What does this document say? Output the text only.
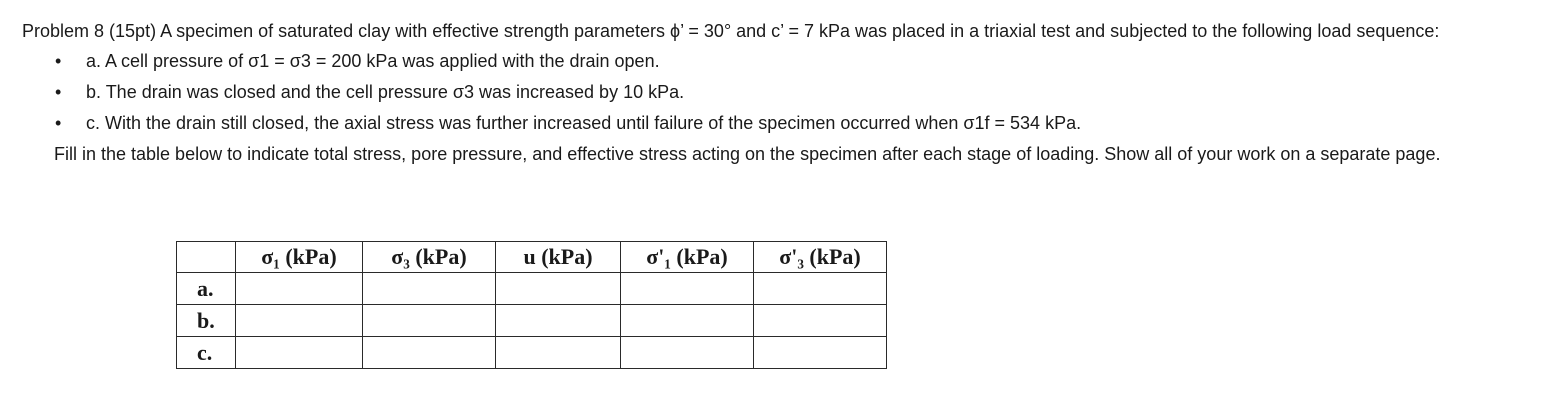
Problem 8 (15pt) A specimen of saturated clay with effective strength parameters ϕ’ = 30° and c’ = 7 kPa was placed in a triaxial test and subjected to the following load sequence:

• a. A cell pressure of σ1 = σ3 = 200 kPa was applied with the drain open.
• b. The drain was closed and the cell pressure σ3 was increased by 10 kPa.
• c. With the drain still closed, the axial stress was further increased until failure of the specimen occurred when σ1f = 534 kPa.

Fill in the table below to indicate total stress, pore pressure, and effective stress acting on the specimen after each stage of loading. Show all of your work on a separate page.

	σ₁ (kPa)	σ₃ (kPa)	u (kPa)	σ'₁ (kPa)	σ'₃ (kPa)
a.					
b.					
c.					
